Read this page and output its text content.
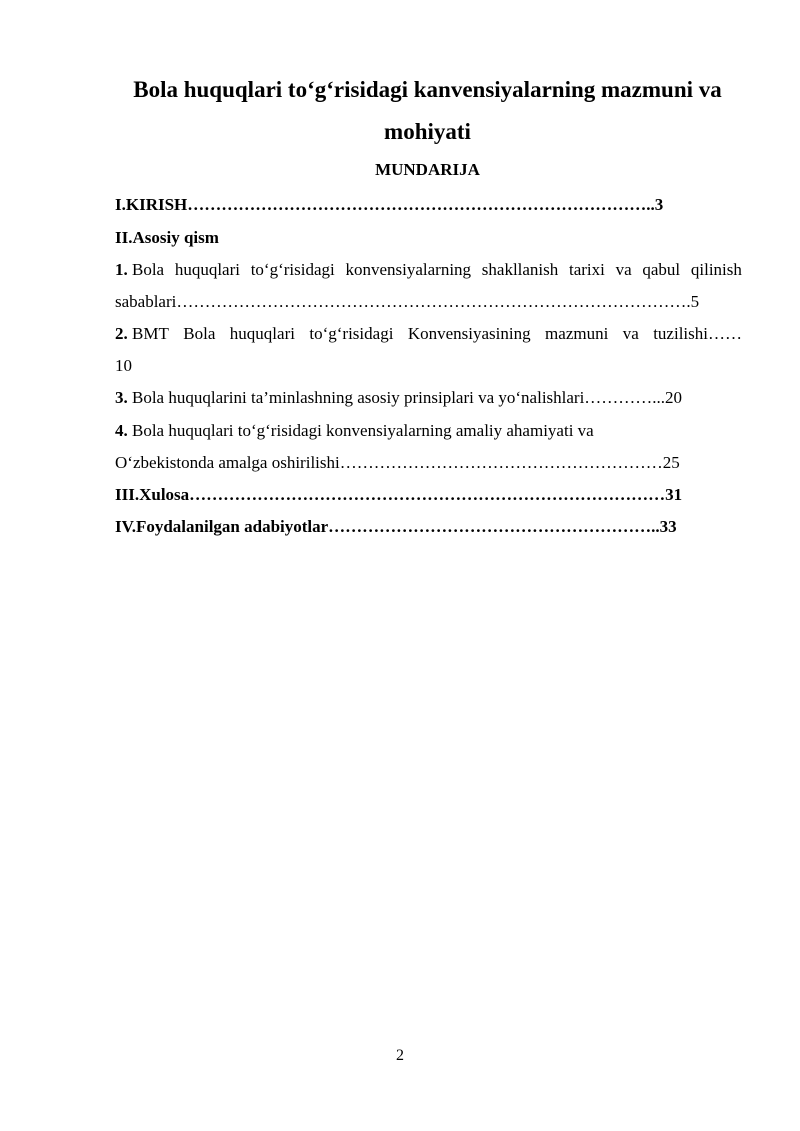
Bola huquqlari to‘g‘risidagi kanvensiyalarning mazmuni va
mohiyati
MUNDARIJA
I.KIRISH………………………………………………………………………..3
II.Asosiy qism
1. Bola huquqlari to‘g‘risidagi konvensiyalarning shakllanish tarixi va qabul qilinish
sabablari……………………………………………………………………………….5
2. BMT Bola huquqlari to‘g‘risidagi Konvensiyasining mazmuni va tuzilishi……
10
3. Bola huquqlarini ta’minlashning asosiy prinsiplari va yo‘nalishlari…………...20
4. Bola huquqlari to‘g‘risidagi konvensiyalarning amaliy ahamiyati va
O‘zbekistonda amalga oshirilishi…………………………………………………25
III.Xulosa…………………………………………………………………………31
IV.Foydalanilgan adabiyotlar…………………………………………………..33
2
